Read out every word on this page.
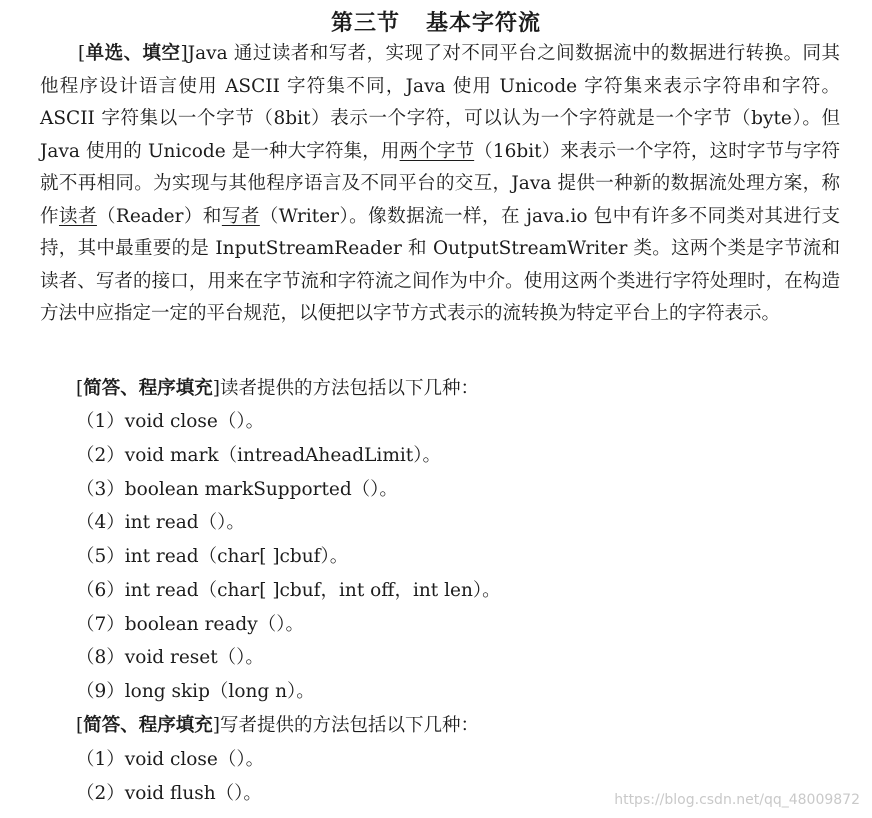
第三节 基本字符流

[单选、填空]Java 通过读者和写者，实现了对不同平台之间数据流中的数据进行转换。同其他程序设计语言使用 ASCII 字符集不同，Java 使用 Unicode 字符集来表示字符串和字符。ASCII 字符集以一个字节（8bit）表示一个字符，可以认为一个字符就是一个字节（byte）。但 Java 使用的 Unicode 是一种大字符集，用两个字节（16bit）来表示一个字符，这时字节与字符就不再相同。为实现与其他程序语言及不同平台的交互，Java 提供一种新的数据流处理方案，称作读者（Reader）和写者（Writer）。像数据流一样，在 java.io 包中有许多不同类对其进行支持，其中最重要的是 InputStreamReader 和 OutputStreamWriter 类。这两个类是字节流和读者、写者的接口，用来在字节流和字符流之间作为中介。使用这两个类进行字符处理时，在构造方法中应指定一定的平台规范，以便把以字节方式表示的流转换为特定平台上的字符表示。

[简答、程序填充]读者提供的方法包括以下几种：
（1）void close（）。
（2）void mark（intreadAheadLimit）。
（3）boolean markSupported（）。
（4）int read（）。
（5）int read（char[ ]cbuf）。
（6）int read（char[ ]cbuf，int off，int len）。
（7）boolean ready（）。
（8）void reset（）。
（9）long skip（long n）。
[简答、程序填充]写者提供的方法包括以下几种：
（1）void close（）。
（2）void flush（）。	https://blog.csdn.net/qq_48009872
